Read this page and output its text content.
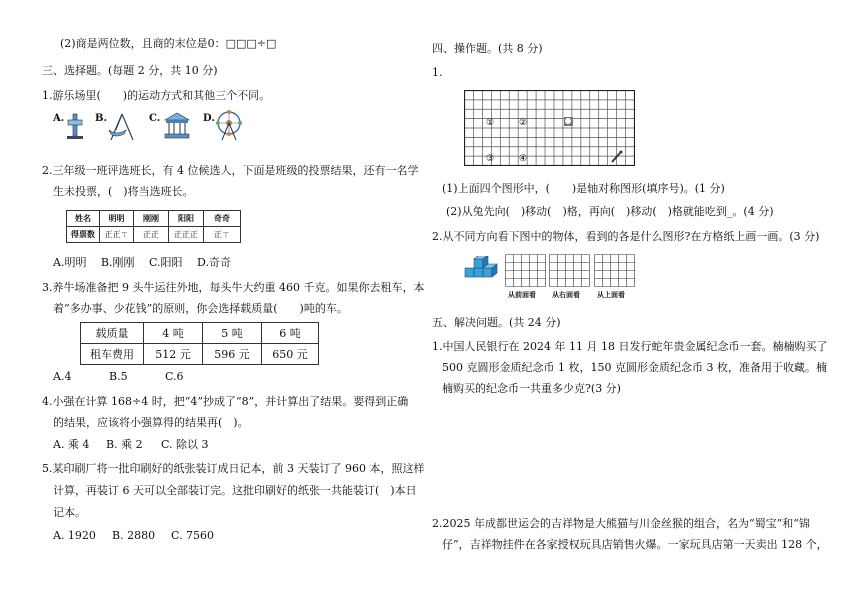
(2)商是两位数，且商的末位是0：□□□÷□
三、选择题。(每题 2 分，共 10 分)
1.游乐场里(　　)的运动方式和其他三个不同。
A.	B.	C.	D.
2.三年级一班评选班长，有 4 位候选人，下面是班级的投票结果，还有一名学
生未投票，(　)将当选班长。
姓名	明明	刚刚	阳阳	奇奇
得票数	正正ㄒ	正正	正正正	正ㄒ
A.明明　 B.刚刚　 C.阳阳　 D.奇奇
3.养牛场准备把 9 头牛运往外地，每头牛大约重 460 千克。如果你去租车，本
着“多办事、少花钱”的原则，你会选择载质量(　　)吨的车。
载质量	4 吨	5 吨	6 吨
租车费用	512 元	596 元	650 元
A.4	B.5	C.6
4.小强在计算 168÷4 时，把“4”抄成了“8”，并计算出了结果。要得到正确
的结果，应该将小强算得的结果再(　)。
A. 乘 4 B. 乘 2 C. 除以 3
5.某印刷厂将一批印刷好的纸张装订成日记本，前 3 天装订了 960 本，照这样
计算，再装订 6 天可以全部装订完。这批印刷好的纸张一共能装订(　)本日
记本。
A. 1920 B. 2880 C. 7560
四、操作题。(共 8 分)
1.
①	②
③	④
(1)上面四个图形中，(　　)是轴对称图形(填序号)。(1 分)
(2)从兔先向(　)移动(　)格，再向(　)移动(　)格就能吃到_。(4 分)
2.从不同方向看下图中的物体，看到的各是什么图形?在方格纸上画一画。(3 分)
从前面看 从右面看 从上面看
五、解决问题。(共 24 分)
1.中国人民银行在 2024 年 11 月 18 日发行蛇年贵金属纪念币一套。楠楠购买了
500 克圆形金质纪念币 1 枚，150 克圆形金质纪念币 3 枚，准备用于收藏。楠
楠购买的纪念币一共重多少克?(3 分)
2.2025 年成都世运会的吉祥物是大熊猫与川金丝猴的组合，名为“蜀宝”和“锦
仔”，吉祥物挂件在各家授权玩具店销售火爆。一家玩具店第一天卖出 128 个，
